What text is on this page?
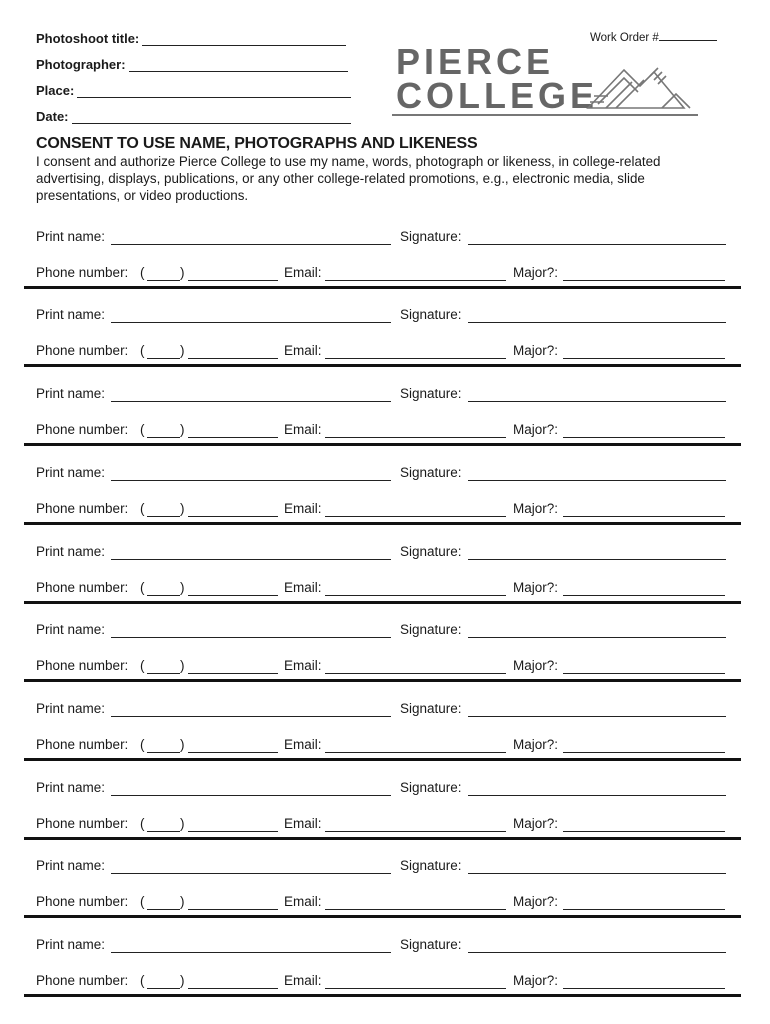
Photoshoot title:
Photographer:
Place:
Date:
Work Order #
PIERCE
COLLEGE
CONSENT TO USE NAME, PHOTOGRAPHS AND LIKENESS
I consent and authorize Pierce College to use my name, words, photograph or likeness, in college-related advertising, displays, publications, or any other college-related promotions, e.g., electronic media, slide presentations, or video productions.
Print name:	Signature:
Phone number: (	)	Email:	Major?:
Print name:	Signature:
Phone number: (	)	Email:	Major?:
Print name:	Signature:
Phone number: (	)	Email:	Major?:
Print name:	Signature:
Phone number: (	)	Email:	Major?:
Print name:	Signature:
Phone number: (	)	Email:	Major?:
Print name:	Signature:
Phone number: (	)	Email:	Major?:
Print name:	Signature:
Phone number: (	)	Email:	Major?:
Print name:	Signature:
Phone number: (	)	Email:	Major?:
Print name:	Signature:
Phone number: (	)	Email:	Major?:
Print name:	Signature:
Phone number: (	)	Email:	Major?:
